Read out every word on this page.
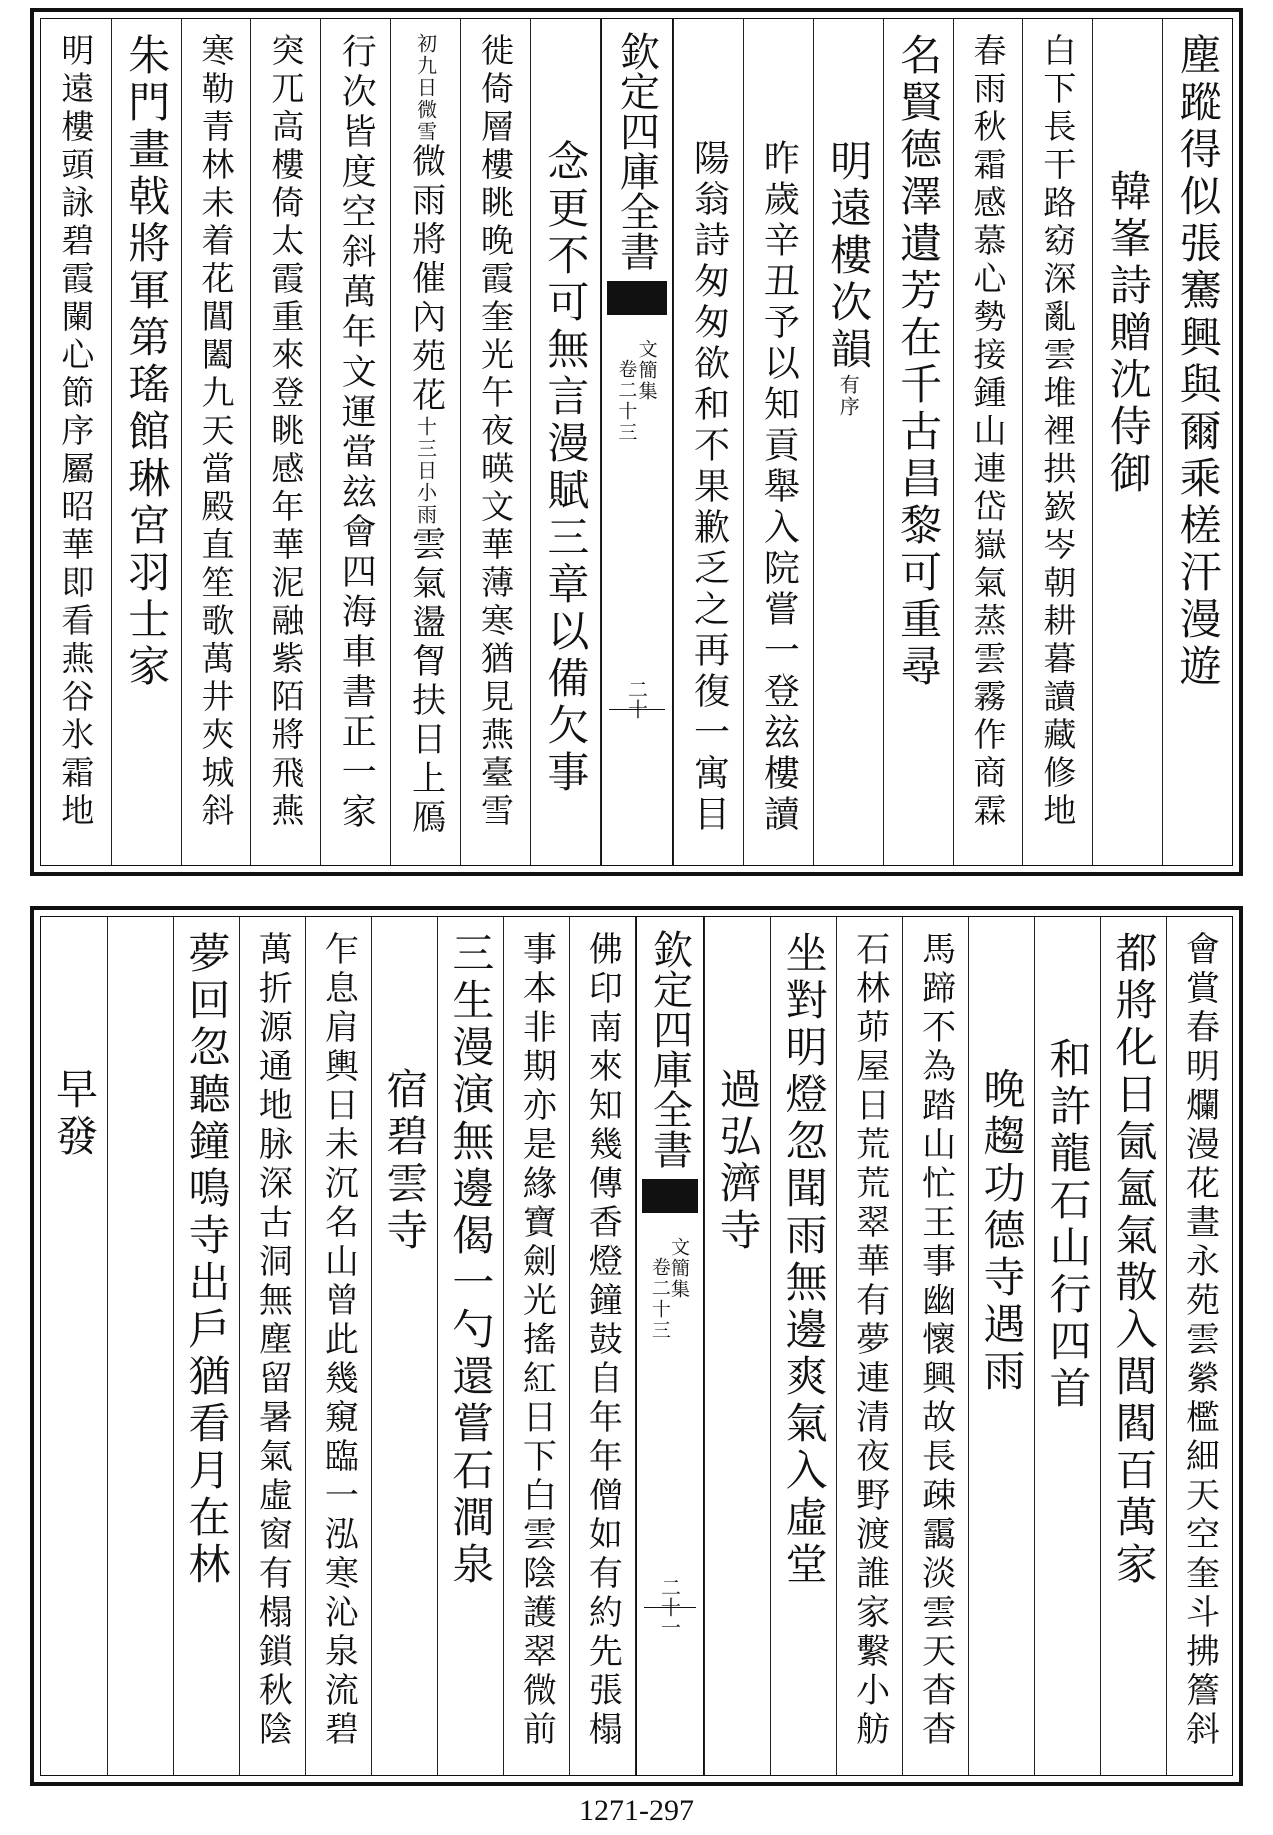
塵蹤得似張騫興與爾乘槎汗漫遊
韓峯詩贈沈侍御
白下長干路窈深亂雲堆裡拱嶔岑朝耕暮讀藏修地
春雨秋霜感慕心勢接鍾山連岱嶽氣蒸雲霧作商霖
名賢德澤遺芳在千古昌黎可重尋
明遠樓次韻有序
昨歲辛丑予以知貢舉入院嘗一登玆樓讀
陽翁詩匆匆欲和不果歉乏之再復一寓目
欽定四庫全書
文簡集
卷二十三
二十
念更不可無言漫賦三章以備欠事
徙倚層樓眺晚霞奎光午夜暎文華薄寒猶見燕臺雪
初九日微雪微雨將催內苑花十三日小雨雲氣盪胷扶日上鴈
行次皆度空斜萬年文運當玆會四海車書正一家
突兀高樓倚太霞重來登眺感年華泥融紫陌將飛燕
寒勒青林未着花閶闔九天當殿直笙歌萬井夾城斜
朱門畫戟將軍第瑤館琳宮羽士家
明遠樓頭詠碧霞闌心節序屬昭華即看燕谷氷霜地
會賞春明爛漫花晝永苑雲縈檻細天空奎斗拂簷斜
都將化日氤氳氣散入閭閻百萬家
和許龍石山行四首
晚趨功德寺遇雨
馬蹄不為踏山忙王事幽懷興故長疎靄淡雲天杳杳
石林茆屋日荒荒翠華有夢連清夜野渡誰家繫小舫
坐對明燈忽聞雨無邊爽氣入虛堂
過弘濟寺
欽定四庫全書
文簡集
卷二十三
二十一
佛印南來知幾傳香燈鐘鼓自年年僧如有約先張榻
事本非期亦是緣寶劍光搖紅日下白雲陰護翠微前
三生漫演無邊偈一勺還嘗石澗泉
宿碧雲寺
乍息肩輿日未沉名山曾此幾窺臨一泓寒沁泉流碧
萬折源通地脉深古洞無塵留暑氣虛窗有榻鎖秋陰
夢回忽聽鐘鳴寺出戶猶看月在林
早發
1271-297
